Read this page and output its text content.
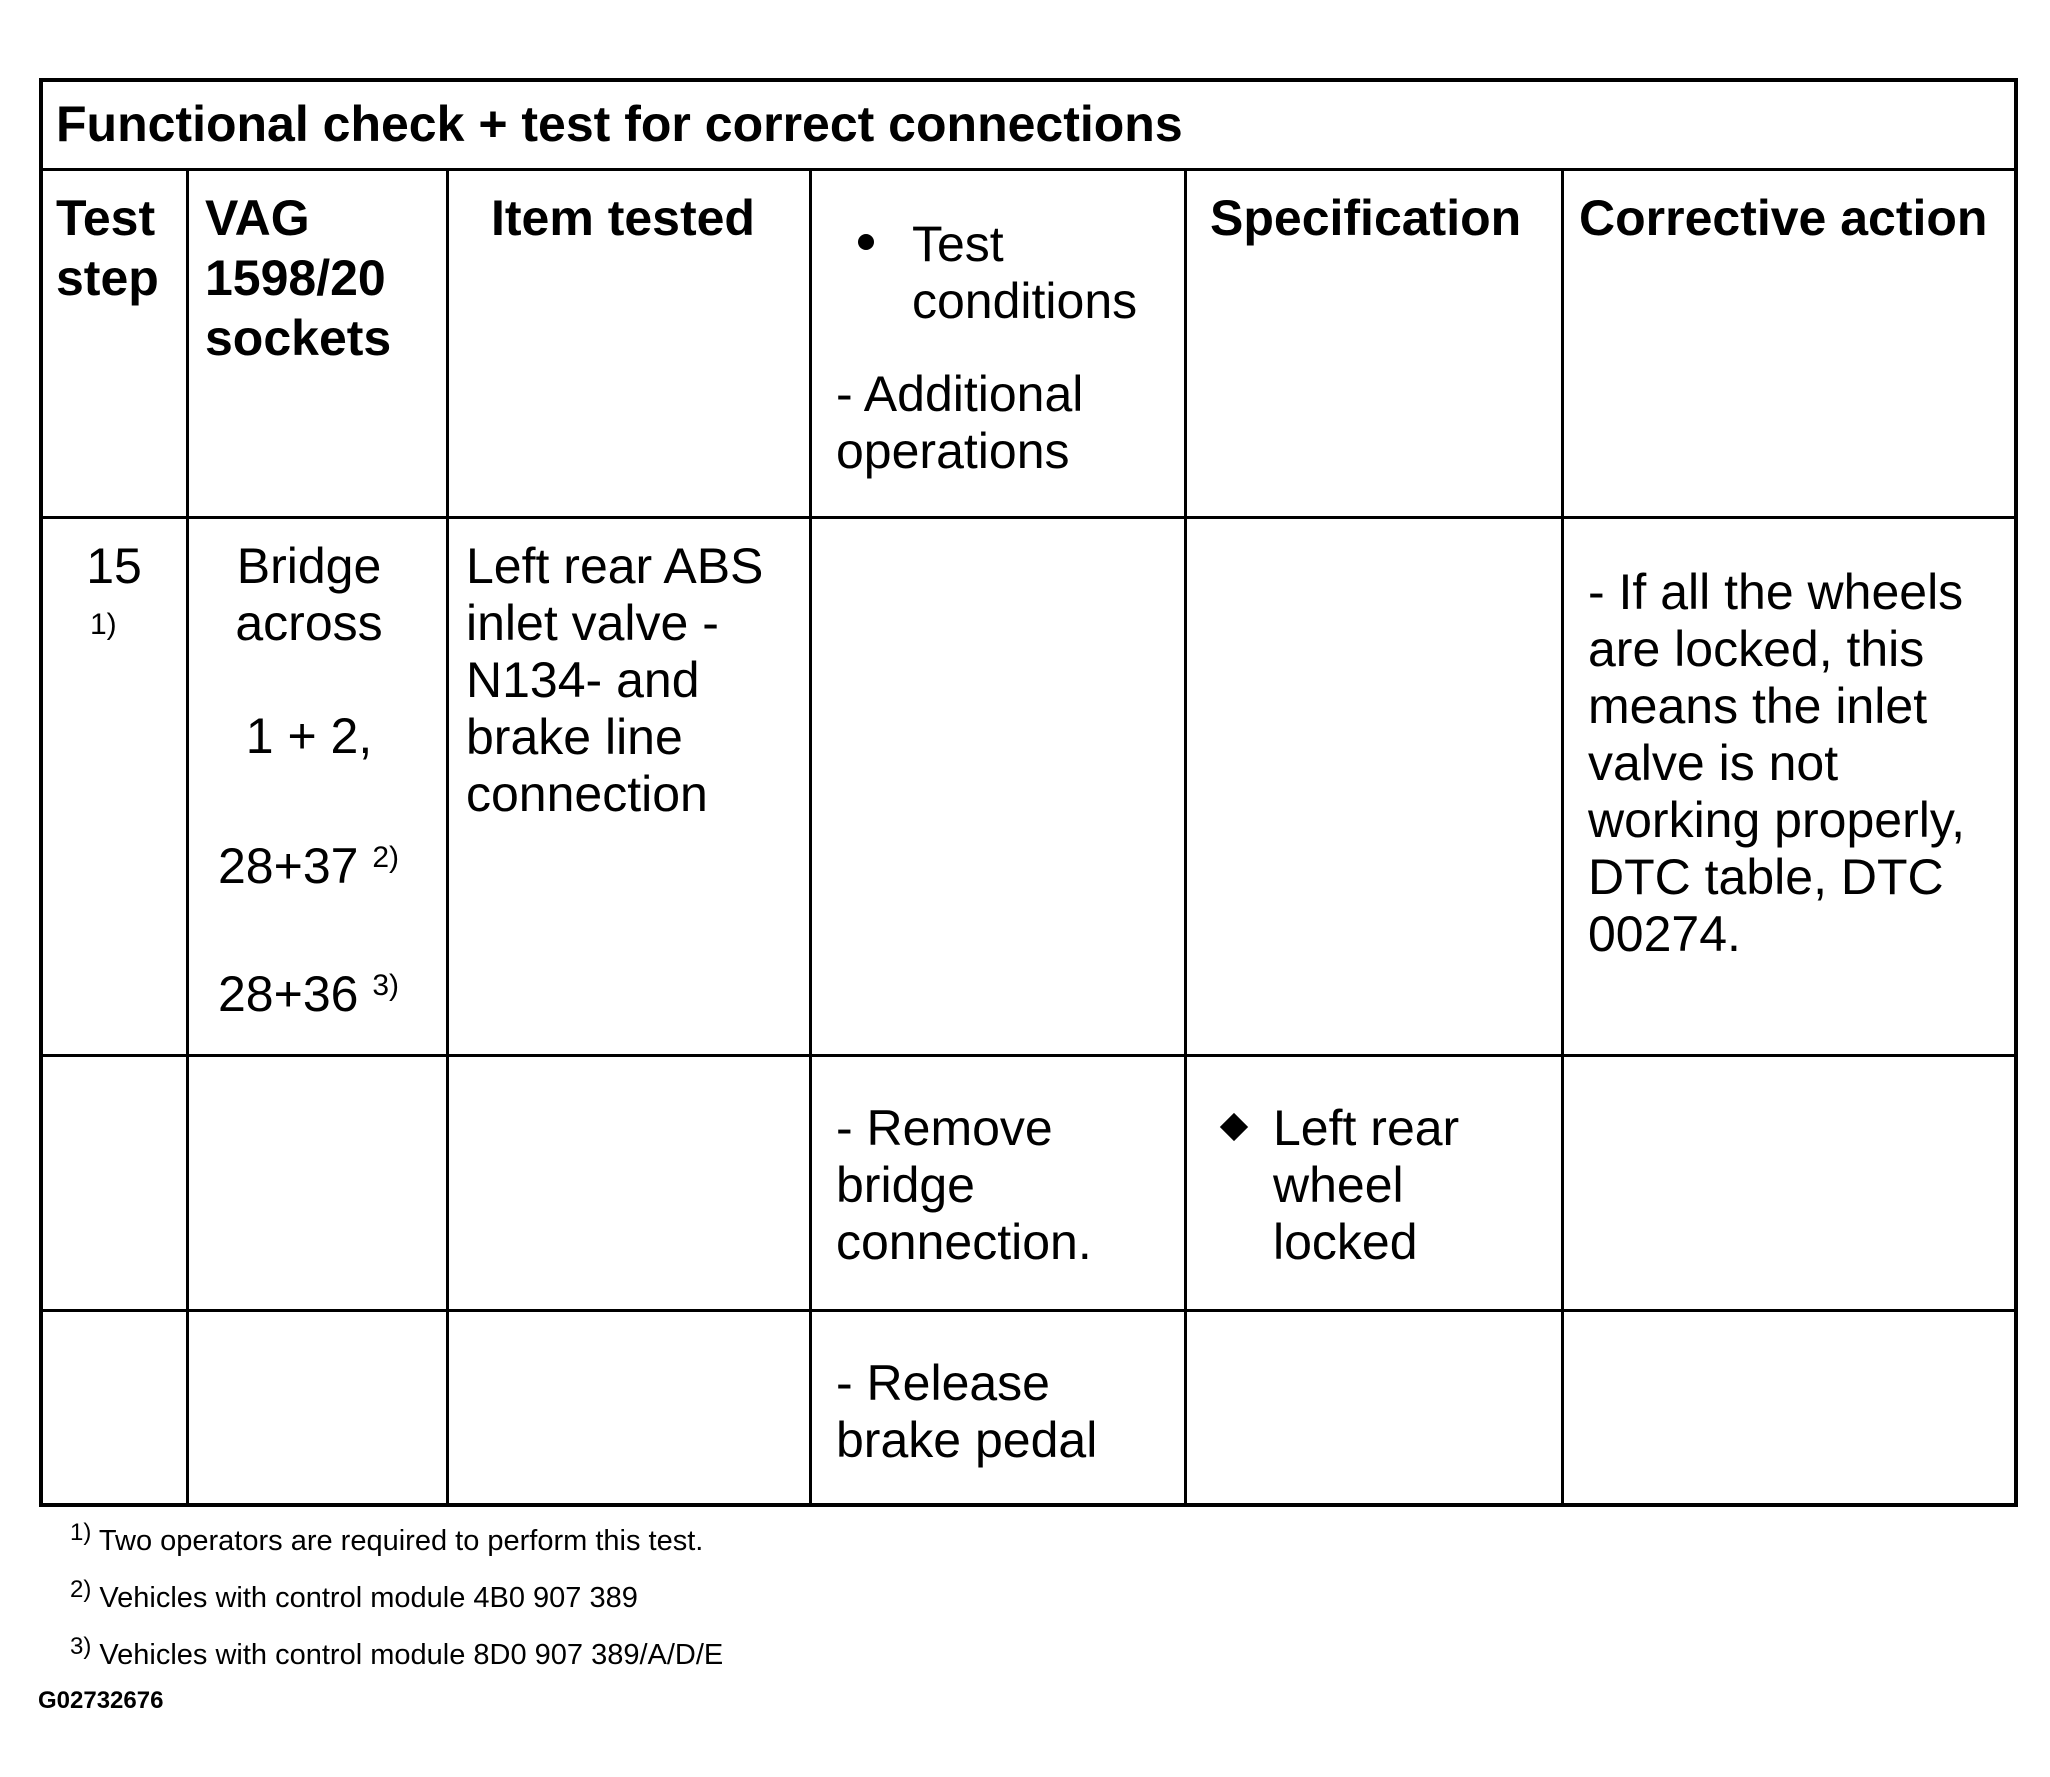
Functional check + test for correct connections
Test
step
VAG
1598/20
sockets
Item tested	Test
conditions
- Additional
operations
Specification Corrective action
15
1)
Bridge
across
1 + 2,
28+37 $^{2)}$
28+36 $^{3)}$
Left rear ABS
inlet valve -
N134- and
brake line
connection
- If all the wheels
are locked, this
means the inlet
valve is not
working properly,
DTC table, DTC
00274.
- Remove
bridge
connection.
Left rear
wheel
locked
- Release
brake pedal
$^{1)}$ Two operators are required to perform this test.
$^{2)}$ Vehicles with control module 4B0 907 389
$^{3)}$ Vehicles with control module 8D0 907 389/A/D/E
G02732676
